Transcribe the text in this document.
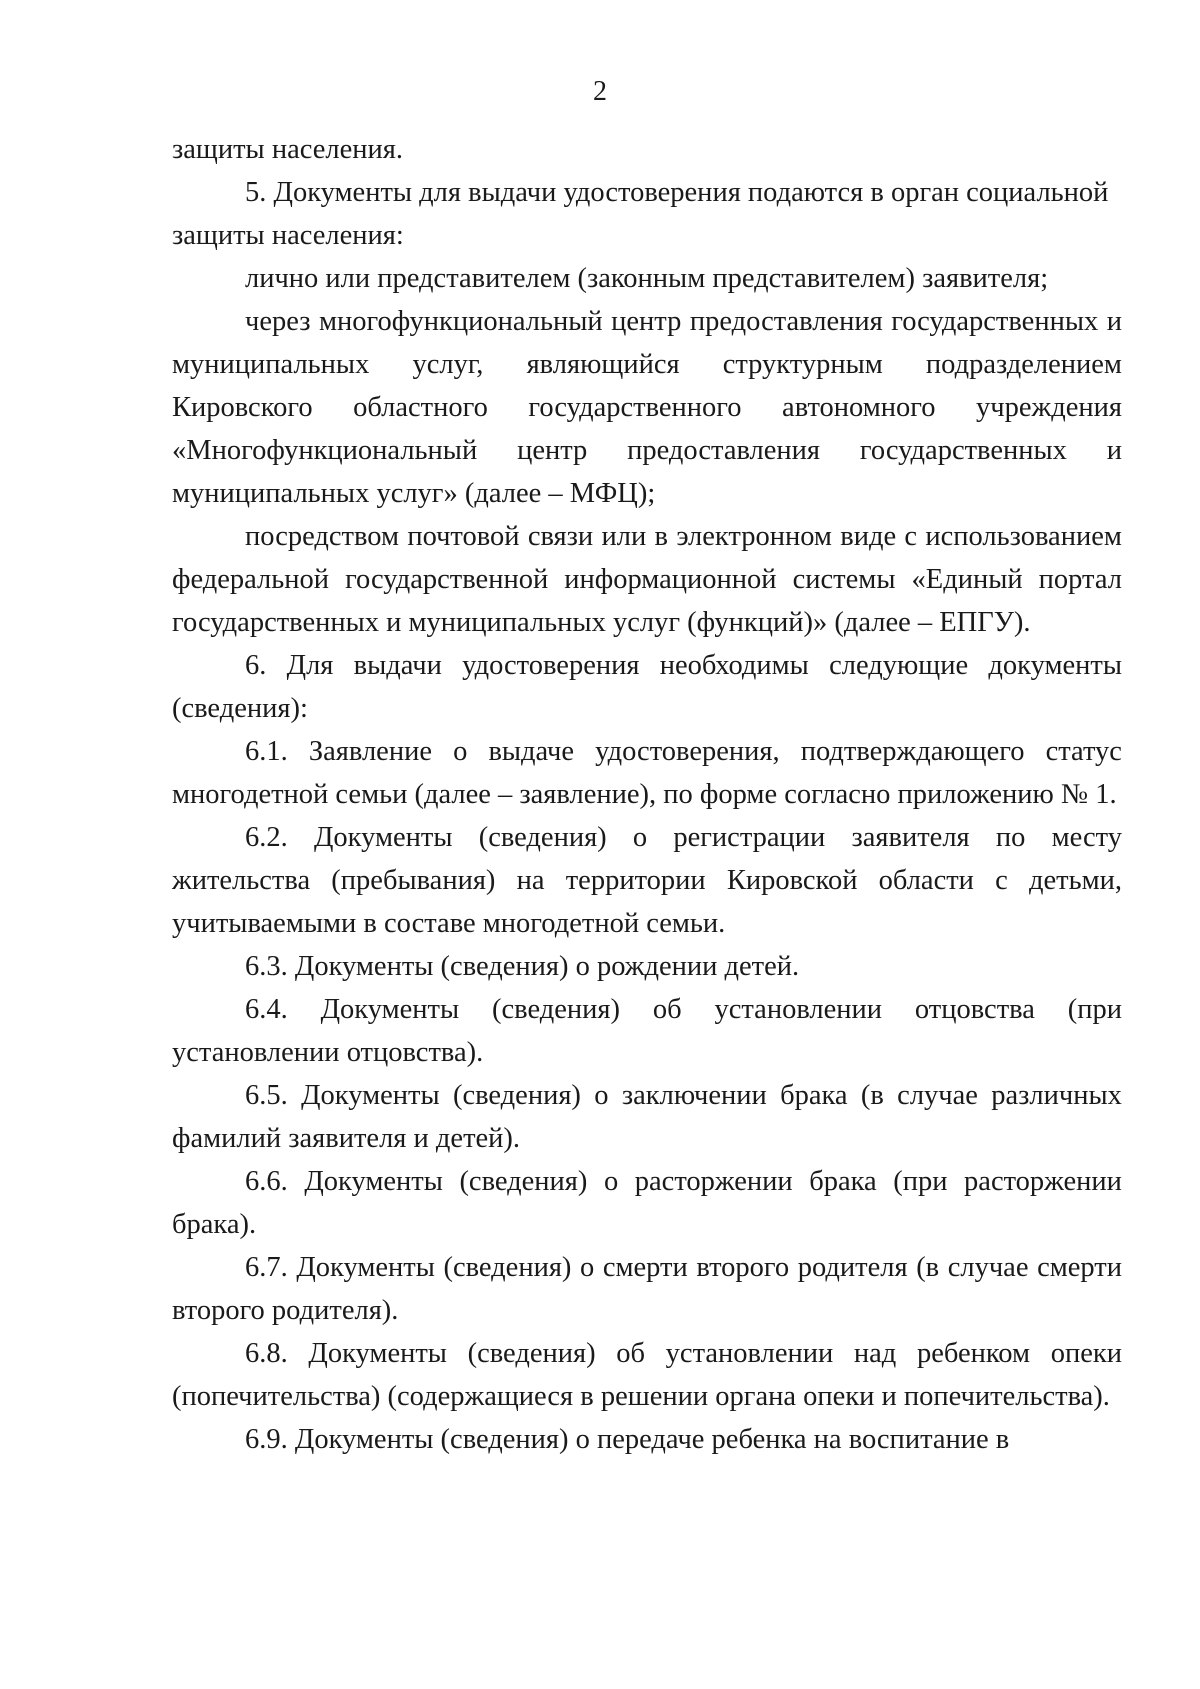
2
защиты населения.
5. Документы для выдачи удостоверения подаются в орган социальной
защиты населения:
лично или представителем (законным представителем) заявителя;
через многофункциональный центр предоставления государственных и
муниципальных услуг, являющийся структурным подразделением
Кировского областного государственного автономного учреждения
«Многофункциональный центр предоставления государственных и
муниципальных услуг» (далее – МФЦ);
посредством почтовой связи или в электронном виде с использованием
федеральной государственной информационной системы «Единый портал
государственных и муниципальных услуг (функций)» (далее – ЕПГУ).
6. Для выдачи удостоверения необходимы следующие документы
(сведения):
6.1. Заявление о выдаче удостоверения, подтверждающего статус
многодетной семьи (далее – заявление), по форме согласно приложению № 1.
6.2. Документы (сведения) о регистрации заявителя по месту
жительства (пребывания) на территории Кировской области с детьми,
учитываемыми в составе многодетной семьи.
6.3. Документы (сведения) о рождении детей.
6.4. Документы (сведения) об установлении отцовства (при
установлении отцовства).
6.5. Документы (сведения) о заключении брака (в случае различных
фамилий заявителя и детей).
6.6. Документы (сведения) о расторжении брака (при расторжении
брака).
6.7. Документы (сведения) о смерти второго родителя (в случае смерти
второго родителя).
6.8. Документы (сведения) об установлении над ребенком опеки
(попечительства) (содержащиеся в решении органа опеки и попечительства).
6.9. Документы (сведения) о передаче ребенка на воспитание в
